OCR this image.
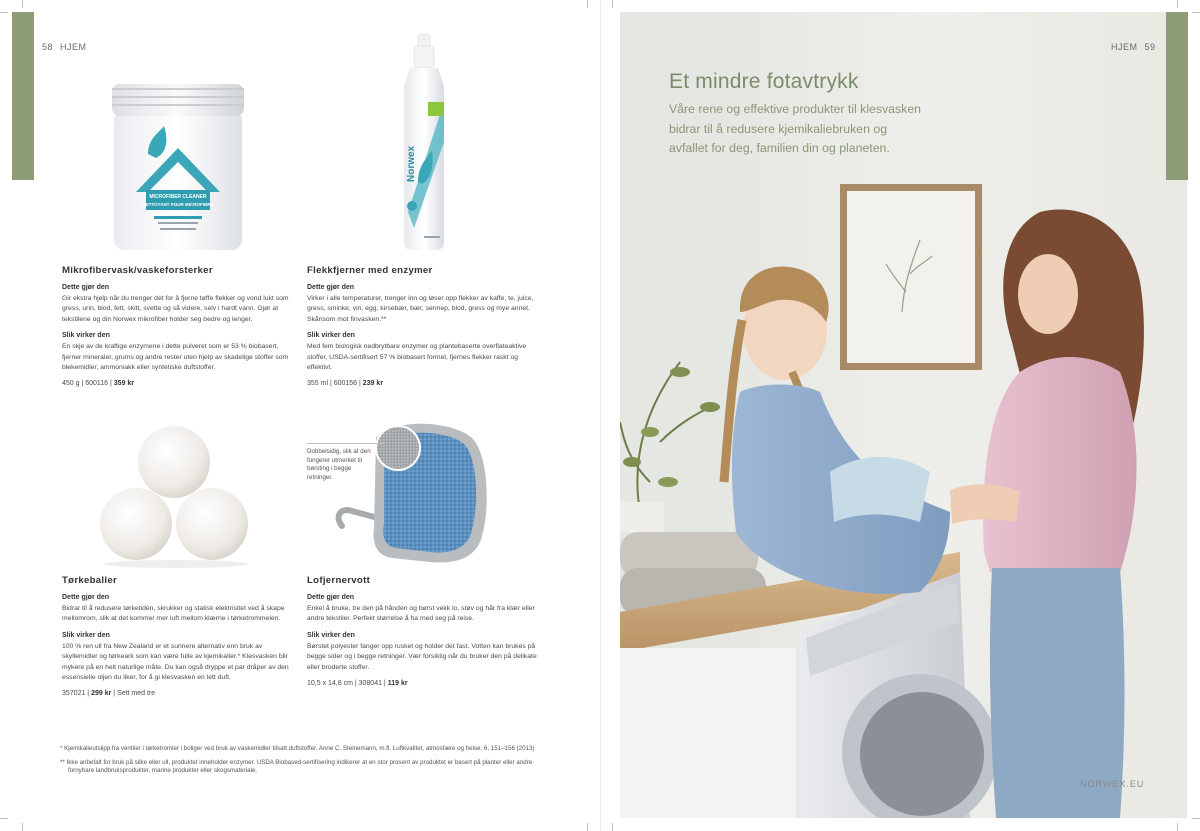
58 HJEM
MICROFIBER CLEANER
NETTOYANT POUR MICROFIBRE
Norwex
Dobbelsidig, slik at den fungerer utmerket til børsting i begge retninger.
Mikrofibervask/vaskeforsterker
Dette gjør den
Gir ekstra hjelp når du trenger det for å fjerne tøffe flekker og vond lukt som gress, urin, blod, fett, skitt, svette og så videre, selv i hardt vann. Gjør at tekstilene og din Norwex mikrofiber holder seg bedre og lenger.
Slik virker den
En skje av de kraftige enzymene i dette pulveret som er 53 % biobasert, fjerner mineraler, grums og andre rester uten hjelp av skadelige stoffer som blekemidler, ammoniakk eller syntetiske duftstoffer.
450 g | 600116 | 359 kr
Flekkfjerner med enzymer
Dette gjør den
Virker i alle temperaturer, trenger inn og løser opp flekker av kaffe, te, juice, gress, sminke, vin, egg, kirsebær, bær, sennep, blod, gress og mye annet. Skånsom mot finvasken.**
Slik virker den
Med fem biologisk nedbrytbare enzymer og plantebaserte overflateaktive stoffer, USDA-sertifisert 57 % biobasert formel, fjernes flekker raskt og effektivt.
355 ml | 600156 | 239 kr
Tørkeballer
Dette gjør den
Bidrar til å redusere tørketiden, skrukker og statisk elektrisitet ved å skape mellomrom, slik at det kommer mer luft mellom klærne i tørketrommelen.
Slik virker den
100 % ren ull fra New Zealand er et sunnere alternativ enn bruk av skyllemidler og tørkeark som kan være fulle av kjemikalier.* Klesvasken blir mykere på en helt naturlige måte. Du kan også dryppe et par dråper av den essensielle oljen du liker, for å gi klesvasken en lett duft.
357021 | 299 kr | Sett med tre
Lofjernervott
Dette gjør den
Enkel å bruke, tre den på hånden og børst vekk lo, støv og hår fra klær eller andre tekstiler. Perfekt størrelse å ha med seg på reise.
Slik virker den
Børstet polyester fanger opp rusket og holder det fast. Votten kan brukes på begge sider og i begge retninger. Vær forsiktig når du bruker den på delikate eller broderte stoffer.
10,5 x 14,8 cm | 308041 | 119 kr
* Kjemikalieutslipp fra ventiler i tørketromler i boliger ved bruk av vaskemidler tilsatt duftstoffer. Anne C. Steinemann, m.fl. Luftkvalitet, atmosfære og helse, 6, 151–156 (2013)
** Ikke anbefalt for bruk på silke eller ull, produktet inneholder enzymer. USDA Biobased-sertifisering indikerer at en stor prosent av produktet er basert på planter eller andre fornybare landbruksprodukter, marine produkter eller skogsmateriale.
HJEM 59
Et mindre fotavtrykk

Våre rene og effektive produkter til klesvasken bidrar til å redusere kjemikaliebruken og avfallet for deg, familien din og planeten.

NORWEX.EU
